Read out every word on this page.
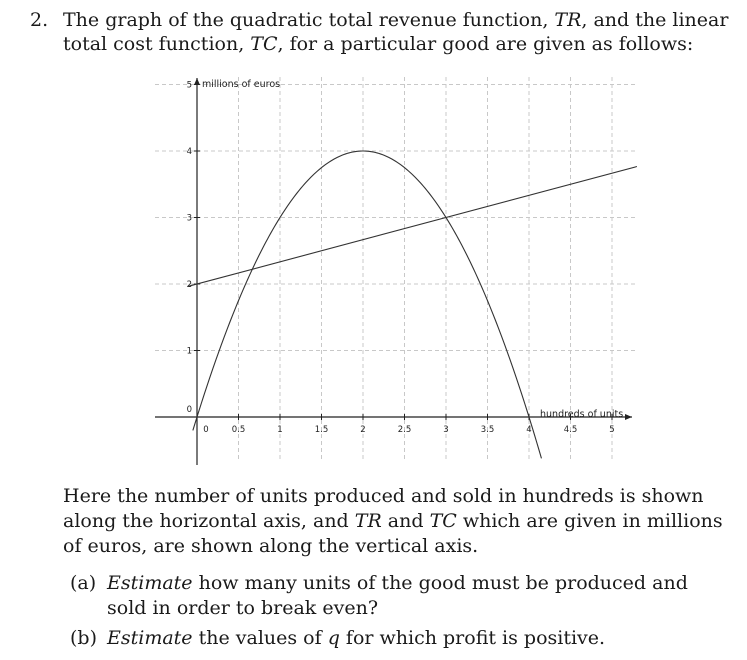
2. The graph of the quadratic total revenue function, TR, and the linear total cost function, TC, for a particular good are given as follows:
0	0.5	1	1.5	2	2.5	3	3.5	4	4.5	5
0
1
2
3
4
5 millions of euros
hundreds of units
Here the number of units produced and sold in hundreds is shown along the horizontal axis, and TR and TC which are given in millions of euros, are shown along the vertical axis.
(a) Estimate how many units of the good must be produced and sold in order to break even?
(b) Estimate the values of q for which profit is positive.
